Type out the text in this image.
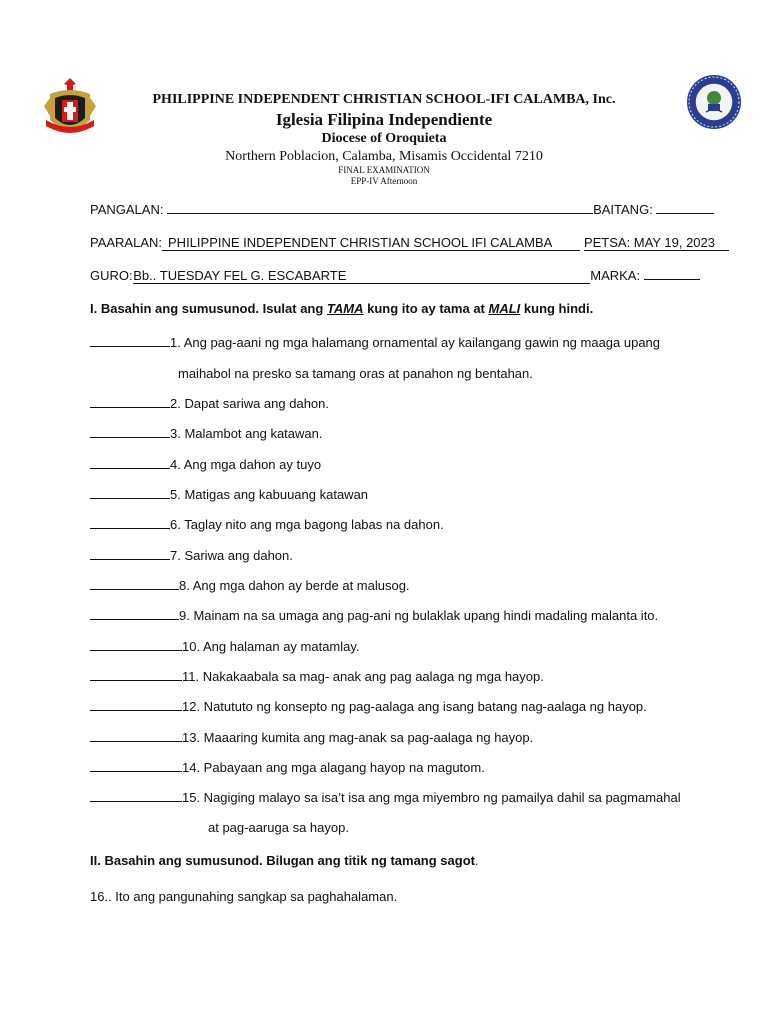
PHILIPPINE INDEPENDENT CHRISTIAN SCHOOL-IFI CALAMBA, Inc.
Iglesia Filipina Independiente
Diocese of Oroquieta
Northern Poblacion, Calamba, Misamis Occidental 7210
FINAL EXAMINATION
EPP-IV Afternoon
PANGALAN:	BAITANG:
PAARALAN: PHILIPPINE INDEPENDENT CHRISTIAN SCHOOL IFI CALAMBA PETSA: MAY 19, 2023
GURO: Bb.. TUESDAY FEL G. ESCABARTE	MARKA:
I. Basahin ang sumusunod. Isulat ang TAMA kung ito ay tama at MALI kung hindi.
1. Ang pag-aani ng mga halamang ornamental ay kailangang gawin ng maaga upang
maihabol na presko sa tamang oras at panahon ng bentahan.
2. Dapat sariwa ang dahon.
3. Malambot ang katawan.
4. Ang mga dahon ay tuyo
5. Matigas ang kabuuang katawan
6. Taglay nito ang mga bagong labas na dahon.
7. Sariwa ang dahon.
8. Ang mga dahon ay berde at malusog.
9. Mainam na sa umaga ang pag-ani ng bulaklak upang hindi madaling malanta ito.
10. Ang halaman ay matamlay.
11. Nakakaabala sa mag- anak ang pag aalaga ng mga hayop.
12. Natututo ng konsepto ng pag-aalaga ang isang batang nag-aalaga ng hayop.
13. Maaaring kumita ang mag-anak sa pag-aalaga ng hayop.
14. Pabayaan ang mga alagang hayop na magutom.
15. Nagiging malayo sa isa’t isa ang mga miyembro ng pamailya dahil sa pagmamahal
at pag-aaruga sa hayop.
II. Basahin ang sumusunod. Bilugan ang titik ng tamang sagot.
16.. Ito ang pangunahing sangkap sa paghahalaman.
